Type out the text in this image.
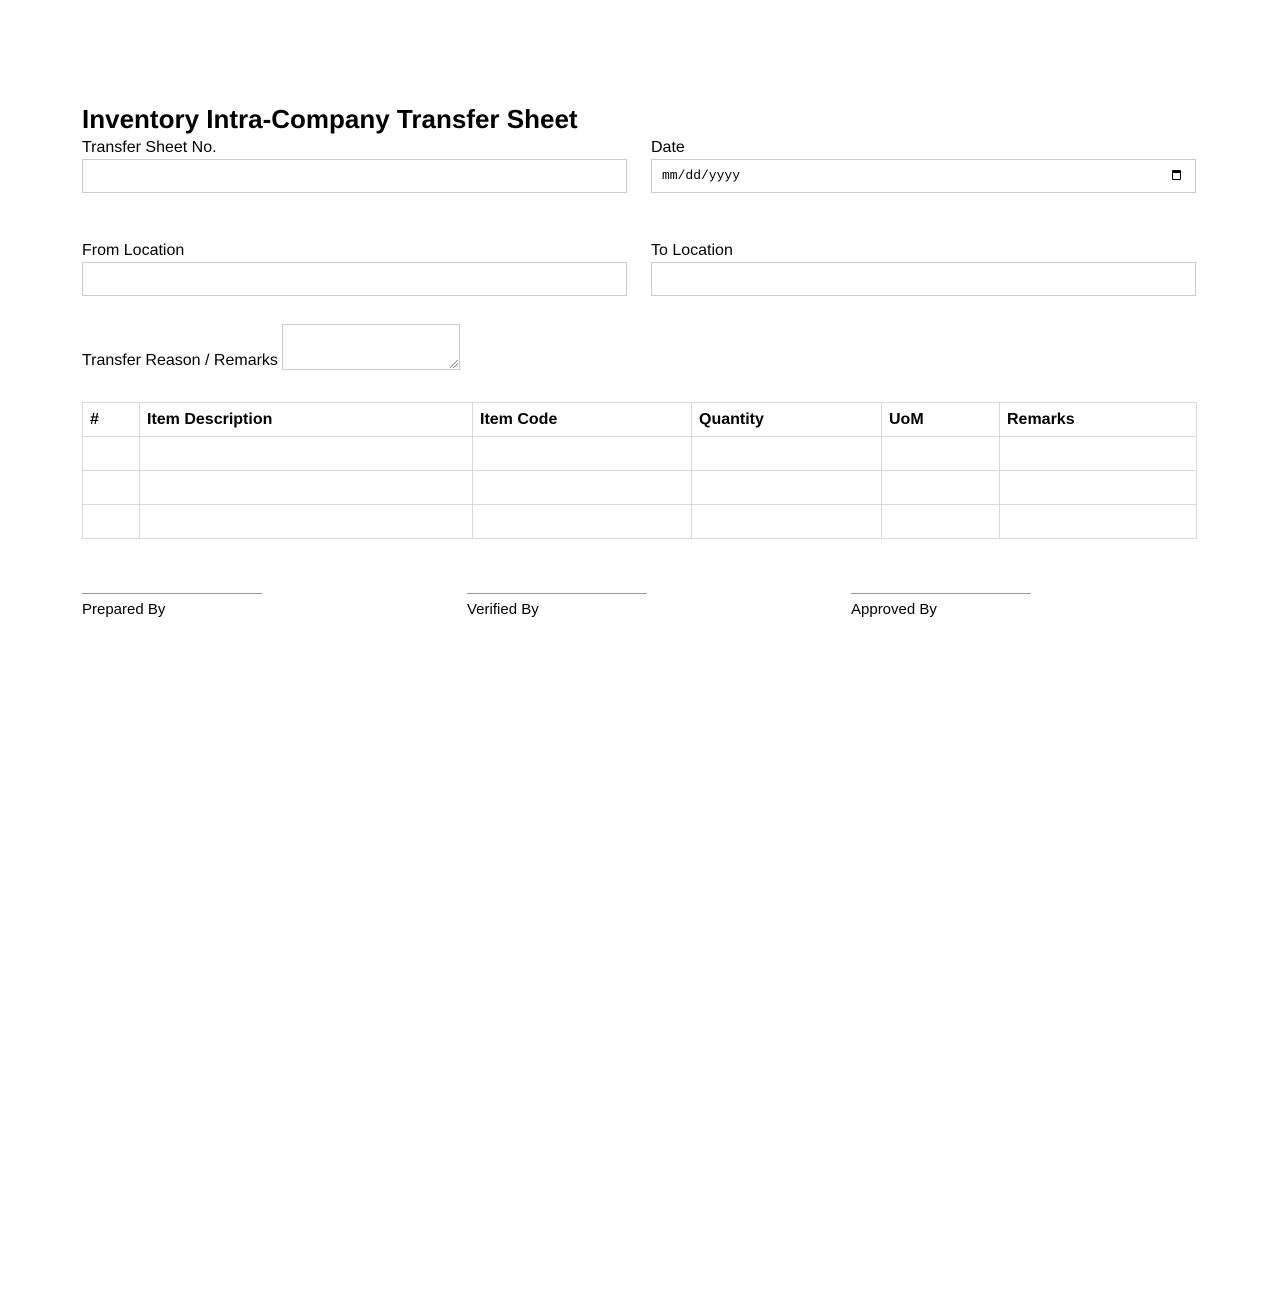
Inventory Intra-Company Transfer Sheet
Transfer Sheet No.	Date
mm/dd/yyyy
From Location	To Location
Transfer Reason / Remarks
#	Item Description	Item Code	Quantity	UoM	Remarks

Prepared By	Verified By	Approved By
